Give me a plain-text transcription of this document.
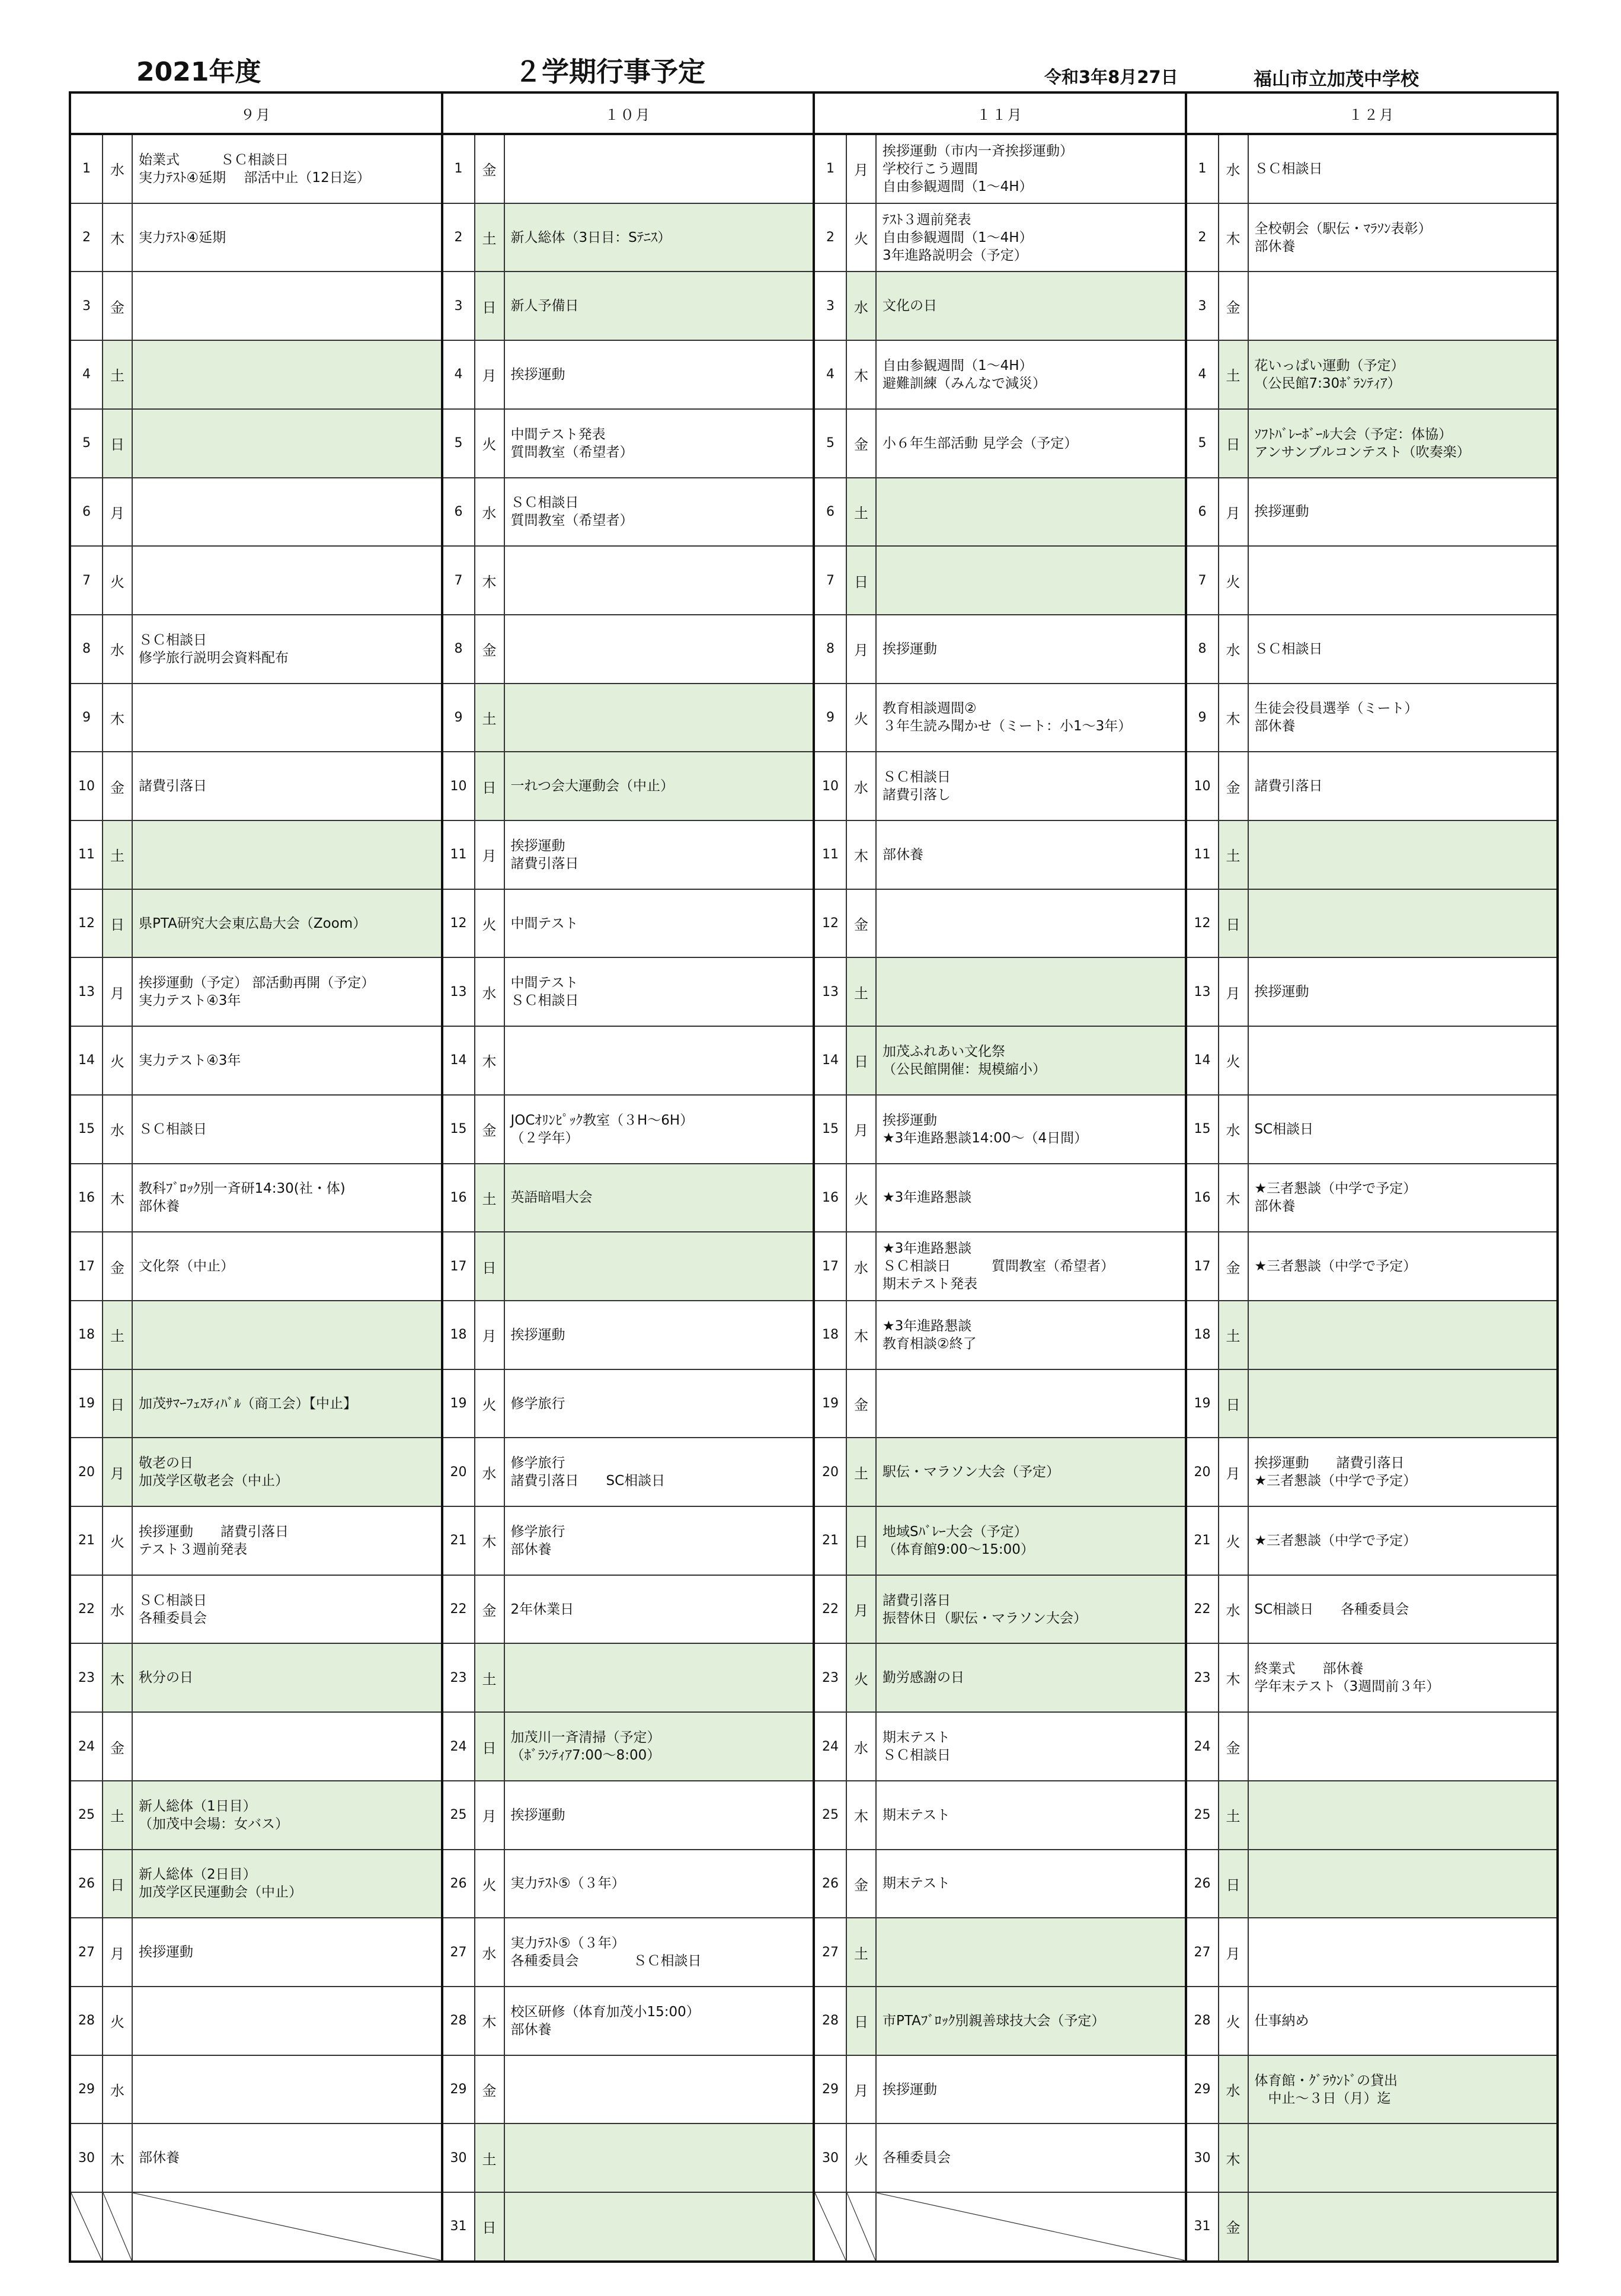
2021年度	２学期行事予定	令和3年8月27日	福山市立加茂中学校
９月
1	水
始業式　　　ＳＣ相談日
実力ﾃｽﾄ④延期　 部活中止（12日迄）
2	木	実力ﾃｽﾄ④延期
3	金
4	土
5	日
6	月
7	火
8	水
ＳＣ相談日
修学旅行説明会資料配布
9	木
10	金	諸費引落日
11	土
12	日	県PTA研究大会東広島大会（Zoom）
13	月
挨拶運動（予定） 部活動再開（予定）
実力テスト④3年
14	火	実力テスト④3年
15	水	ＳＣ相談日
16	木
教科ﾌﾞﾛｯｸ別一斉研14:30(社・体)
部休養
17	金	文化祭（中止）
18	土
19	日	加茂ｻﾏｰﾌｪｽﾃｨﾊﾞﾙ（商工会）【中止】
20	月
敬老の日
加茂学区敬老会（中止）
21	火
挨拶運動　　諸費引落日
テスト３週前発表
22	水
ＳＣ相談日
各種委員会
23	木	秋分の日
24	金
25	土
新人総体（1日目）
（加茂中会場：女バス）
26	日
新人総体（2日目）
加茂学区民運動会（中止）
27	月	挨拶運動
28	火
29	水
30	木	部休養
１０月
1	金
2	土	新人総体（3日目：Sﾃﾆｽ）
3	日	新人予備日
4	月	挨拶運動
5	火
中間テスト発表
質問教室（希望者）
6	水
ＳＣ相談日
質問教室（希望者）
7	木
8	金
9	土
10	日	一れつ会大運動会（中止）
11	月
挨拶運動
諸費引落日
12	火	中間テスト
13	水
中間テスト
ＳＣ相談日
14	木
15	金
JOCｵﾘﾝﾋﾟｯｸ教室（３H～6H）
（２学年）
16	土	英語暗唱大会
17	日
18	月	挨拶運動
19	火	修学旅行
20	水
修学旅行
諸費引落日　　SC相談日
21	木
修学旅行
部休養
22	金	2年休業日
23	土
24	日
加茂川一斉清掃（予定）
（ﾎﾞﾗﾝﾃｨｱ7:00～8:00）
25	月	挨拶運動
26	火	実力ﾃｽﾄ⑤（３年）
27	水
実力ﾃｽﾄ⑤（３年）
各種委員会　　　　ＳＣ相談日
28	木
校区研修（体育加茂小15:00）
部休養
29	金
30	土
31	日
１１月
1	月
挨拶運動（市内一斉挨拶運動）
学校行こう週間
自由参観週間（1～4H）
2	火
ﾃｽﾄ３週前発表
自由参観週間（1～4H）
3年進路説明会（予定）
3	水	文化の日
4	木
自由参観週間（1～4H）
避難訓練（みんなで減災）
5	金	小６年生部活動 見学会（予定）
6	土
7	日
8	月	挨拶運動
9	火
教育相談週間②
３年生読み聞かせ（ミート：小1～3年）
10	水
ＳＣ相談日
諸費引落し
11	木	部休養
12	金
13	土
14	日
加茂ふれあい文化祭
（公民館開催：規模縮小）
15	月
挨拶運動
★3年進路懇談14:00～（4日間）
16	火	★3年進路懇談
17	水
★3年進路懇談
ＳＣ相談日　　　質問教室（希望者）
期末テスト発表
18	木
★3年進路懇談
教育相談②終了
19	金
20	土	駅伝・マラソン大会（予定）
21	日
地域Sﾊﾞﾚｰ大会（予定）
（体育館9:00～15:00）
22	月
諸費引落日
振替休日（駅伝・マラソン大会）
23	火	勤労感謝の日
24	水
期末テスト
ＳＣ相談日
25	木	期末テスト
26	金	期末テスト
27	土
28	日	市PTAﾌﾞﾛｯｸ別親善球技大会（予定）
29	月	挨拶運動
30	火	各種委員会
１２月
1	水	ＳＣ相談日
2	木
全校朝会（駅伝・ﾏﾗｿﾝ表彰）
部休養
3	金
4	土
花いっぱい運動（予定）
（公民館7:30ﾎﾞﾗﾝﾃｨｱ）
5	日
ｿﾌﾄﾊﾞﾚｰﾎﾞｰﾙ大会（予定：体協）
アンサンブルコンテスト（吹奏楽）
6	月	挨拶運動
7	火
8	水	ＳＣ相談日
9	木
生徒会役員選挙（ミート）
部休養
10	金	諸費引落日
11	土
12	日
13	月	挨拶運動
14	火
15	水	SC相談日
16	木
★三者懇談（中学で予定）
部休養
17	金	★三者懇談（中学で予定）
18	土
19	日
20	月
挨拶運動　　諸費引落日
★三者懇談（中学で予定）
21	火	★三者懇談（中学で予定）
22	水	SC相談日　　各種委員会
23	木
終業式　　部休養
学年末テスト（3週間前３年）
24	金
25	土
26	日
27	月
28	火	仕事納め
29	水
体育館・ｸﾞﾗｳﾝﾄﾞの貸出
　中止～３日（月）迄
30	木
31	金
